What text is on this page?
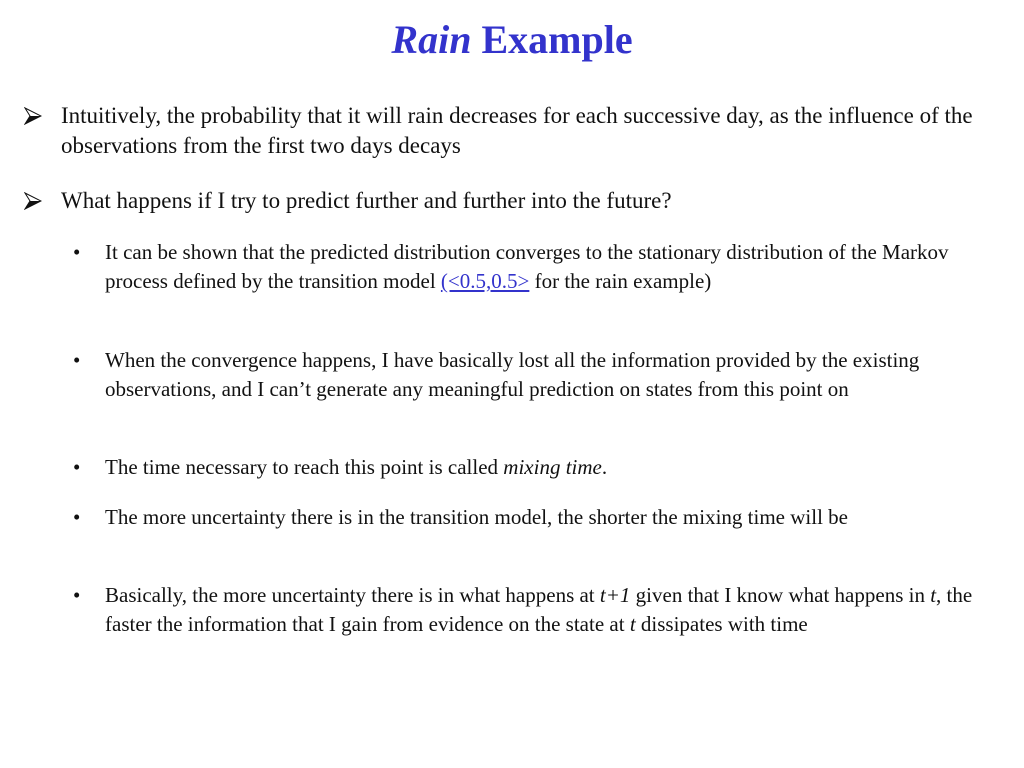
Rain Example
Intuitively, the probability that it will rain decreases for each successive day, as the influence of the observations from the first two days decays
What happens if I try to predict further and further into the future?
• It can be shown that the predicted distribution converges to the stationary distribution of the Markov process defined by the transition model (<0.5,0.5> for the rain example)
• When the convergence happens, I have basically lost all the information provided by the existing observations, and I can’t generate any meaningful prediction on states from this point on
• The time necessary to reach this point is called mixing time.
• The more uncertainty there is in the transition model, the shorter the mixing time will be
• Basically, the more uncertainty there is in what happens at t+1 given that I know what happens in t, the faster the information that I gain from evidence on the state at t dissipates with time
